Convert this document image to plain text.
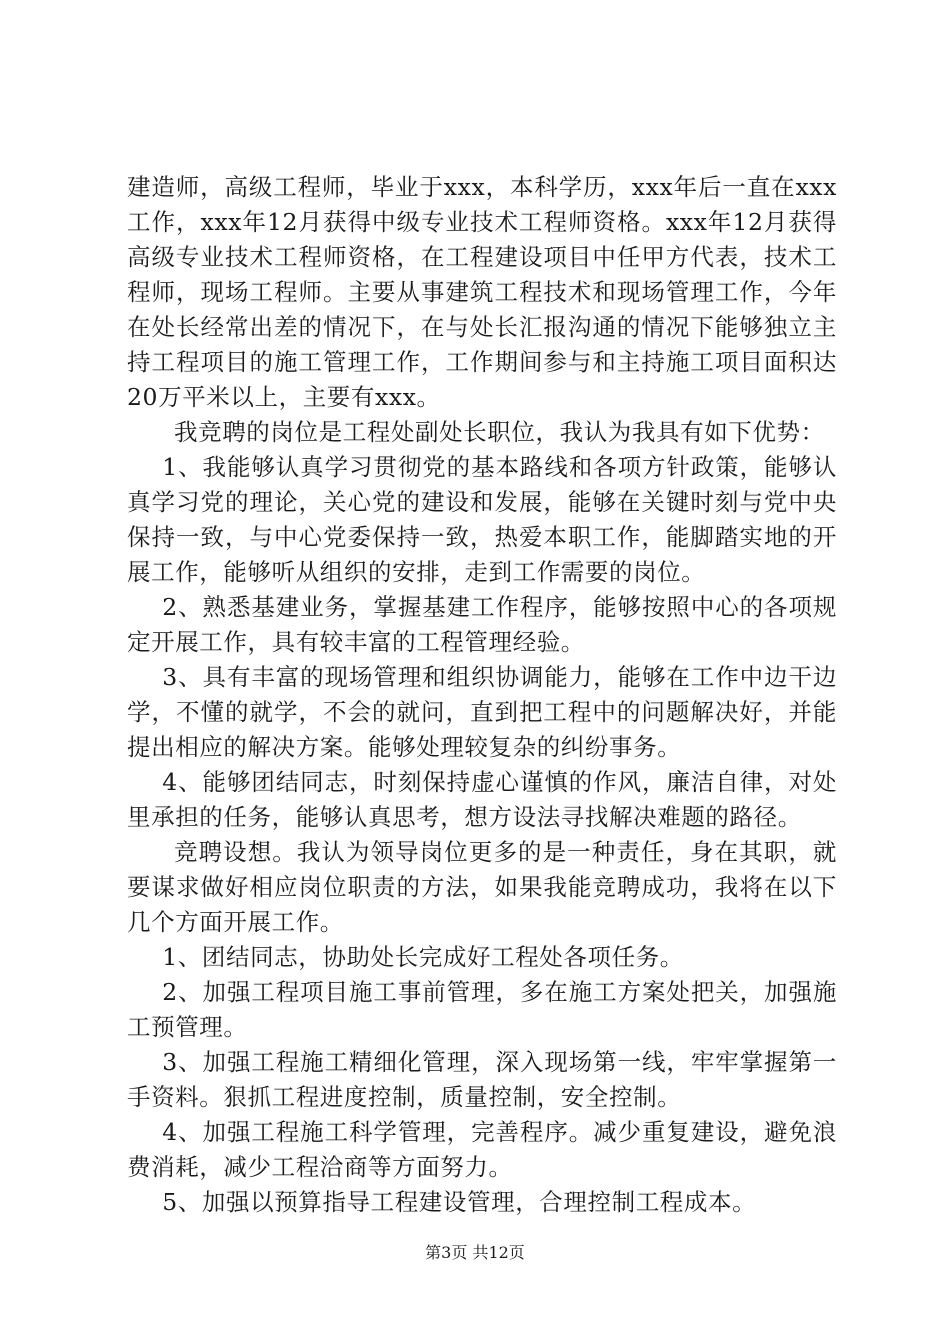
建造师，高级工程师，毕业于xxx，本科学历，xxx年后一直在xxx工作，xxx年12月获得中级专业技术工程师资格。xxx年12月获得高级专业技术工程师资格，在工程建设项目中任甲方代表，技术工程师，现场工程师。主要从事建筑工程技术和现场管理工作，今年在处长经常出差的情况下，在与处长汇报沟通的情况下能够独立主持工程项目的施工管理工作，工作期间参与和主持施工项目面积达20万平米以上，主要有xxx。

我竞聘的岗位是工程处副处长职位，我认为我具有如下优势：

1、我能够认真学习贯彻党的基本路线和各项方针政策，能够认真学习党的理论，关心党的建设和发展，能够在关键时刻与党中央保持一致，与中心党委保持一致，热爱本职工作，能脚踏实地的开展工作，能够听从组织的安排，走到工作需要的岗位。

2、熟悉基建业务，掌握基建工作程序，能够按照中心的各项规定开展工作，具有较丰富的工程管理经验。

3、具有丰富的现场管理和组织协调能力，能够在工作中边干边学，不懂的就学，不会的就问，直到把工程中的问题解决好，并能提出相应的解决方案。能够处理较复杂的纠纷事务。

4、能够团结同志，时刻保持虚心谨慎的作风，廉洁自律，对处里承担的任务，能够认真思考，想方设法寻找解决难题的路径。

竞聘设想。我认为领导岗位更多的是一种责任，身在其职，就要谋求做好相应岗位职责的方法，如果我能竞聘成功，我将在以下几个方面开展工作。

1、团结同志，协助处长完成好工程处各项任务。

2、加强工程项目施工事前管理，多在施工方案处把关，加强施工预管理。

3、加强工程施工精细化管理，深入现场第一线，牢牢掌握第一手资料。狠抓工程进度控制，质量控制，安全控制。

4、加强工程施工科学管理，完善程序。减少重复建设，避免浪费消耗，减少工程洽商等方面努力。

5、加强以预算指导工程建设管理，合理控制工程成本。

第3页 共12页
